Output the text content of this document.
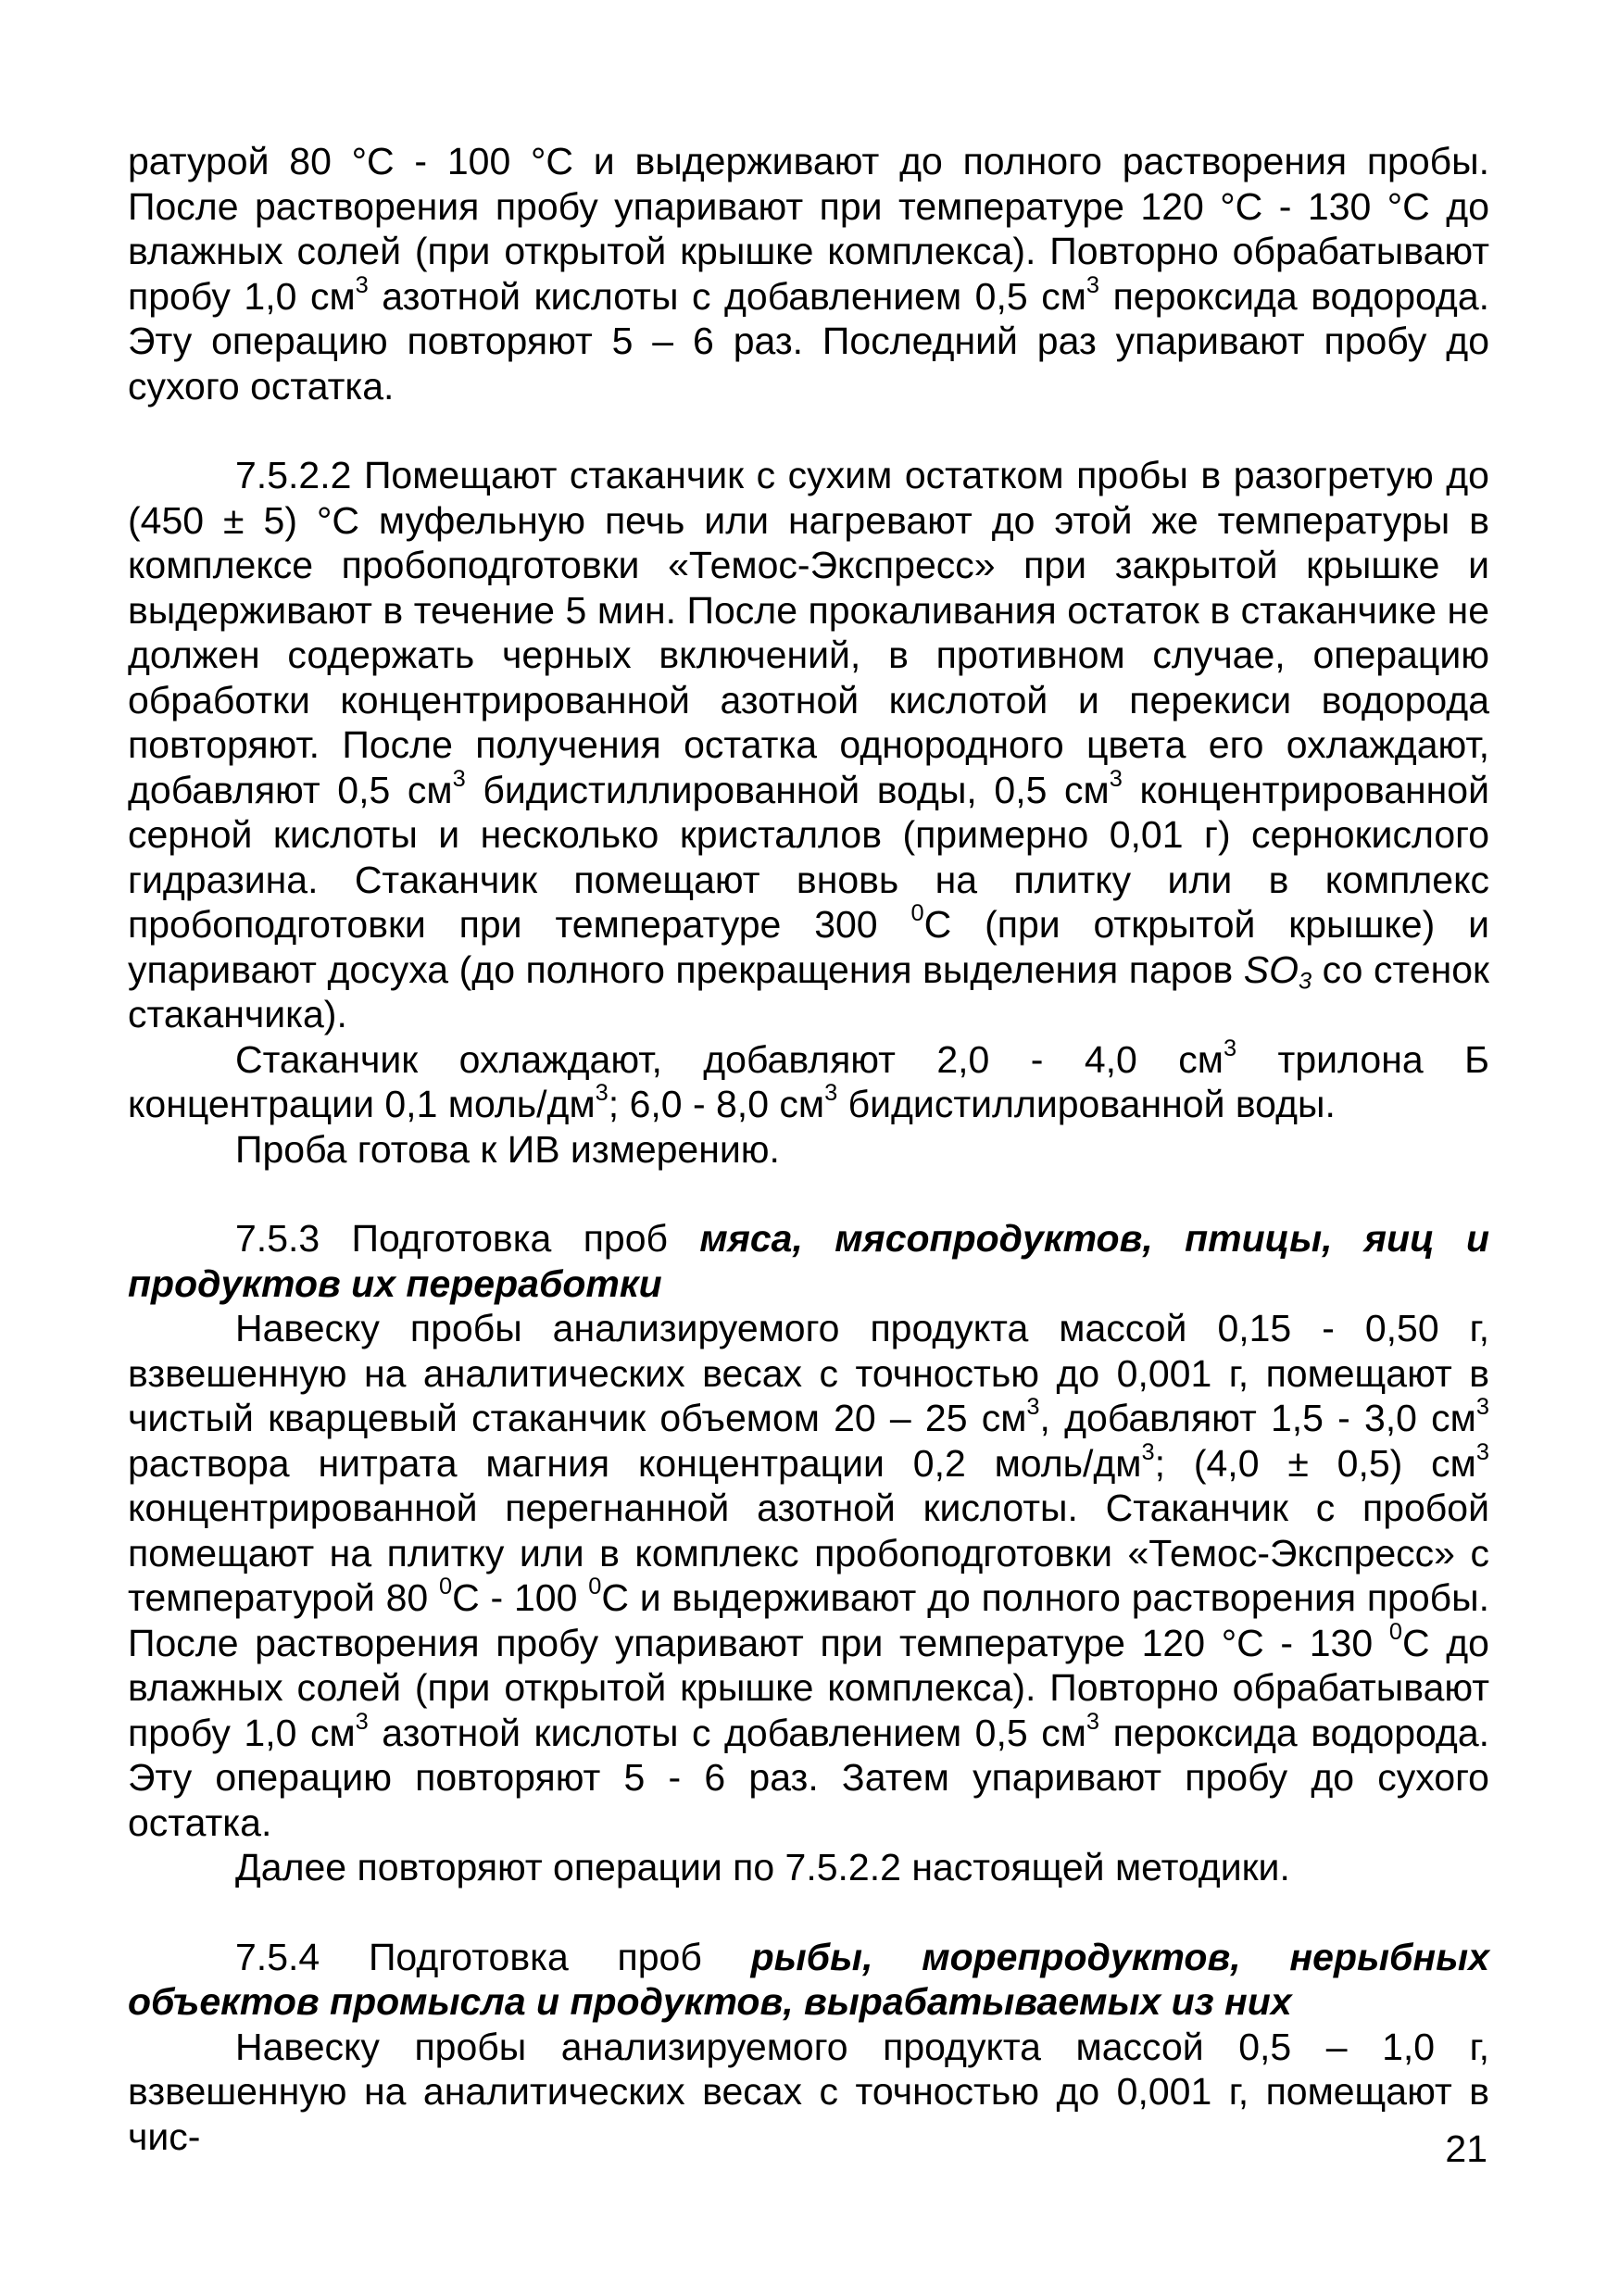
ратурой 80 °С - 100 °С и выдерживают до полного растворения пробы. После растворения пробу упаривают при температуре 120 °С - 130 °С до влажных солей (при открытой крышке комплекса). Повторно обрабатывают пробу 1,0 $см^3$ азотной кислоты с добавлением 0,5 $см^3$ пероксида водорода. Эту операцию повторяют 5 – 6 раз. Последний раз упаривают пробу до сухого остатка.

7.5.2.2 Помещают стаканчик с сухим остатком пробы в разогретую до (450 ± 5) °С муфельную печь или нагревают до этой же температуры в комплексе пробоподготовки «Темос-Экспресс» при закрытой крышке и выдерживают в течение 5 мин. После прокаливания остаток в стаканчике не должен содержать черных включений, в противном случае, операцию обработки концентрированной азотной кислотой и перекиси водорода повторяют. После получения остатка однородного цвета его охлаждают, добавляют 0,5 $см^3$ бидистиллированной воды, 0,5 $см^3$ концентрированной серной кислоты и несколько кристаллов (примерно 0,01 г) сернокислого гидразина. Стаканчик помещают вновь на плитку или в комплекс пробоподготовки при температуре 300 $^0$С (при открытой крышке) и упаривают досуха (до полного прекращения выделения паров $SO_3$ со стенок стаканчика).

Стаканчик охлаждают, добавляют 2,0 - 4,0 $см^3$ трилона Б концентрации 0,1 моль/$дм^3$; 6,0 - 8,0 $см^3$ бидистиллированной воды.

Проба готова к ИВ измерению.

7.5.3 Подготовка проб мяса, мясопродуктов, птицы, яиц и продуктов их переработки

Навеску пробы анализируемого продукта массой 0,15 - 0,50 г, взвешенную на аналитических весах с точностью до 0,001 г, помещают в чистый кварцевый стаканчик объемом 20 – 25 $см^3$, добавляют 1,5 - 3,0 $см^3$ раствора нитрата магния концентрации 0,2 моль/$дм^3$; (4,0 ± 0,5) $см^3$ концентрированной перегнанной азотной кислоты. Стаканчик с пробой помещают на плитку или в комплекс пробоподготовки «Темос-Экспресс» с температурой 80 $^0$С - 100 $^0$С и выдерживают до полного растворения пробы. После растворения пробу упаривают при температуре 120 °С - 130 $^0$С до влажных солей (при открытой крышке комплекса). Повторно обрабатывают пробу 1,0 $см^3$ азотной кислоты с добавлением 0,5 $см^3$ пероксида водорода. Эту операцию повторяют 5 - 6 раз. Затем упаривают пробу до сухого остатка.

Далее повторяют операции по 7.5.2.2 настоящей методики.

7.5.4 Подготовка проб рыбы, морепродуктов, нерыбных объектов промысла и продуктов, вырабатываемых из них

Навеску пробы анализируемого продукта массой 0,5 – 1,0 г, взвешенную на аналитических весах с точностью до 0,001 г, помещают в чис-	21
